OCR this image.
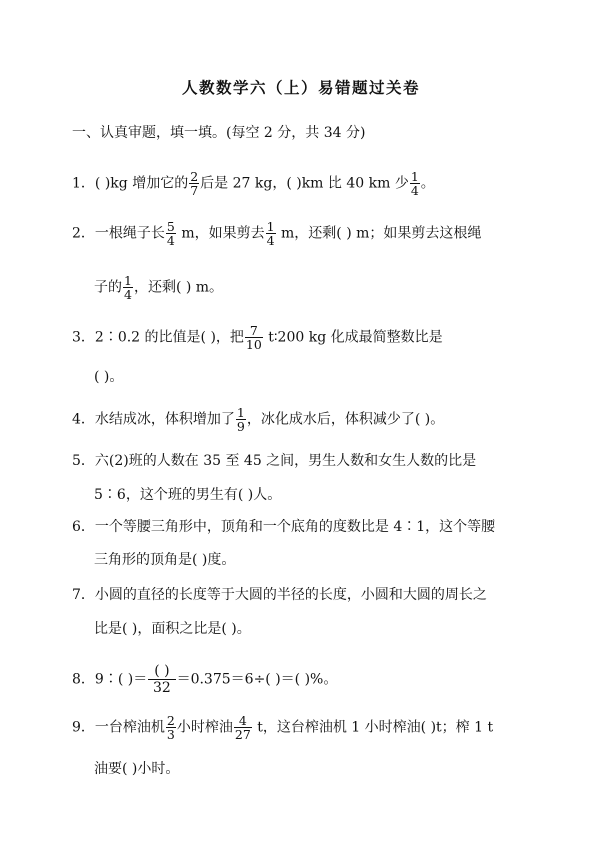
人教数学六（上）易错题过关卷
一、认真审题，填一填。(每空 2 分，共 34 分)
1．( )kg 增加它的 $\frac{2}{7}$ 后是 27 kg，( )km 比 40 km 少 $\frac{1}{4}$ 。
2．一根绳子长 $\frac{5}{4}$ m，如果剪去 $\frac{1}{4}$ m，还剩( ) m；如果剪去这根绳
子的 $\frac{1}{4}$ ，还剩( ) m。
3．2∶0.2 的比值是( )，把 $\frac{7}{10}$ t∶200 kg 化成最简整数比是
( )。
4．水结成冰，体积增加了 $\frac{1}{9}$ ，冰化成水后，体积减少了( )。
5．六(2)班的人数在 35 至 45 之间，男生人数和女生人数的比是
5∶6，这个班的男生有( )人。
6．一个等腰三角形中，顶角和一个底角的度数比是 4∶1，这个等腰
三角形的顶角是( )度。
7．小圆的直径的长度等于大圆的半径的长度，小圆和大圆的周长之
比是( )，面积之比是( )。
8．9∶( )＝ $\frac{( )}{32} =0.375=6\div$( )＝( )%。
9．一台榨油机 $\frac{2}{3}$ 小时榨油 $\frac{4}{27}$ t，这台榨油机 1 小时榨油( )t；榨 1 t
油要( )小时。
